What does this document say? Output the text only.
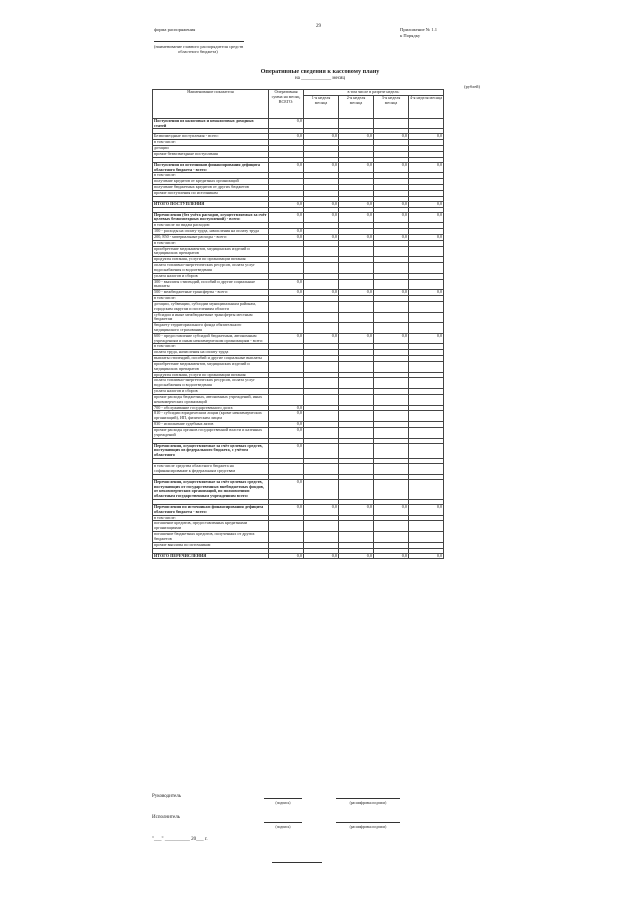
29
форма распоряжения	Приложение № 1.1
к Порядку
(наименование главного распорядителя средств
областного бюджета)
Оперативные сведения к кассовому плану
на ____________ месяц
(рублей)
Наименование показателя	Оперативная сумма на месяц, ВСЕГО:	в том числе в разрезе недель:			
		1-я неделя месяца	2-я неделя месяца	3-я неделя месяца	4-я неделя месяца
Поступления из налоговых и неналоговых доходных статей	0,0				

Безвозмездные поступления - всего:	0,0	0,0	0,0	0,0	0,0
в том числе:					
дотации					
прочие безвозмездные поступления					

Поступления из источников финансирования дефицита областного бюджета - всего:	0,0	0,0	0,0	0,0	0,0
в том числе:					
получение кредитов от кредитных организаций					
получение бюджетных кредитов от других бюджетов					
прочие поступления по источникам					

ИТОГО ПОСТУПЛЕНИЯ	0,0	0,0	0,0	0,0	0,0

Перечисления (без учёта расходов, осуществляемых за счёт целевых безвозмездных поступлений) - всего:	0,0	0,0	0,0	0,0	0,0
в том числе по видам расходов:					
100 - расходы на оплату труда, начисления на оплату труда	0,0				
200, 850 - материальные расходы - всего:	0,0	0,0	0,0	0,0	0,0
в том числе:					
приобретение медикаментов, медицинских изделий и медицинских препаратов					
продукты питания, услуги по организации питания					
оплата топливно-энергетических ресурсов, оплата услуг водоснабжения и водоотведения					
уплата налогов и сборов					
300 - выплаты стипендий, пособий и другие социальные выплаты	0,0				
500 - межбюджетные трансферты - всего:	0,0	0,0	0,0	0,0	0,0
в том числе:					
дотации, субвенции, субсидии муниципальным районам, городским округам и поселениям области					
субсидии и иные межбюджетные трансферты местным бюджетам					
бюджету территориального фонда обязательного медицинского страхования					
600 - предоставление субсидий бюджетным, автономным учреждениям и иным некоммерческим организациям - всего:	0,0	0,0	0,0	0,0	0,0
в том числе:					
оплата труда, начисления на оплату труда					
выплаты стипендий, пособий и другие социальные выплаты					
приобретение медикаментов, медицинских изделий и медицинских препаратов					
продукты питания, услуги по организации питания					
оплата топливно-энергетических ресурсов, оплата услуг водоснабжения и водоотведения					
уплата налогов и сборов					
прочие расходы бюджетных, автономных учреждений, иных некоммерческих организаций					
700 - обслуживание государственного долга	0,0				
810 - субсидии юридическим лицам (кроме некоммерческих организаций), ИП, физическим лицам	0,0				
830 - исполнение судебных актов	0,0				
прочие расходы органов государственной власти и казенных учреждений	0,0				

Перечисления, осуществляемые за счёт целевых средств, поступающих из федерального бюджета, с учётом областного	0,0				

в том числе средства областного бюджета на софинансирование к федеральным средствам					

Перечисления, осуществляемые за счёт целевых средств, поступающих от государственных внебюджетных фондов, от некоммерческих организаций, по полномочиям областным государственным учреждениям всего:	0,0				

Перечисления по источникам финансирования дефицита областного бюджета - всего:	0,0	0,0	0,0	0,0	0,0
в том числе:					
погашение кредитов, предоставленных кредитными организациями					
погашение бюджетных кредитов, полученных от других бюджетов					
прочие выплаты по источникам					

ИТОГО ПЕРЕЧИСЛЕНИЯ	0,0	0,0	0,0	0,0	0,0
Руководитель
(подпись)	(расшифровка подписи)
Исполнитель
(подпись)	(расшифровка подписи)
"___" __________ 20___ г.
